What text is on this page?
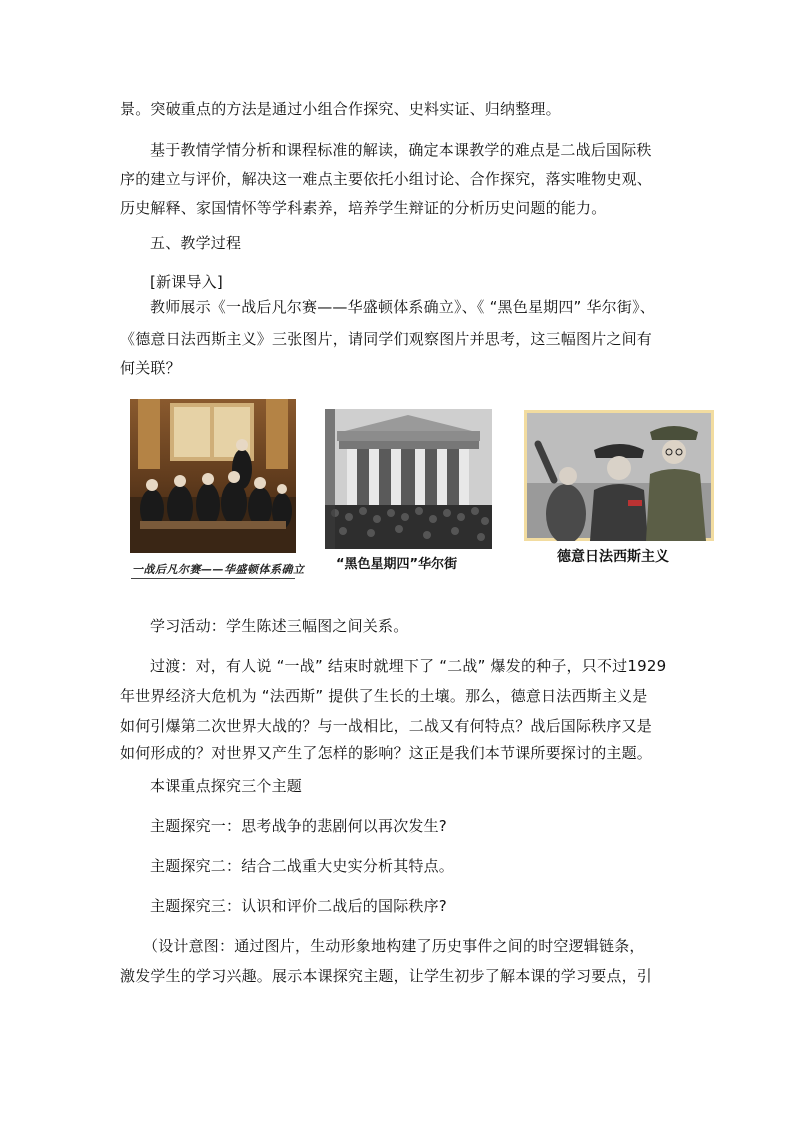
景。突破重点的方法是通过小组合作探究、史料实证、归纳整理。
基于教情学情分析和课程标准的解读，确定本课教学的难点是二战后国际秩
序的建立与评价，解决这一难点主要依托小组讨论、合作探究，落实唯物史观、
历史解释、家国情怀等学科素养，培养学生辩证的分析历史问题的能力。
五、教学过程
[新课导入]
教师展示《一战后凡尔赛——华盛顿体系确立》、《 “黑色星期四” 华尔街》、
《德意日法西斯主义》三张图片，请同学们观察图片并思考，这三幅图片之间有
何关联？
一战后凡尔赛——华盛顿体系确立 “黑色星期四”华尔街	德意日法西斯主义
学习活动：学生陈述三幅图之间关系。
过渡：对，有人说 “一战” 结束时就埋下了 “二战” 爆发的种子，只不过1929
年世界经济大危机为 “法西斯” 提供了生长的土壤。那么，德意日法西斯主义是
如何引爆第二次世界大战的？与一战相比，二战又有何特点？战后国际秩序又是
如何形成的？对世界又产生了怎样的影响？这正是我们本节课所要探讨的主题。
本课重点探究三个主题
主题探究一：思考战争的悲剧何以再次发生?
主题探究二：结合二战重大史实分析其特点。
主题探究三：认识和评价二战后的国际秩序?
（设计意图：通过图片，生动形象地构建了历史事件之间的时空逻辑链条，
激发学生的学习兴趣。展示本课探究主题，让学生初步了解本课的学习要点，引
